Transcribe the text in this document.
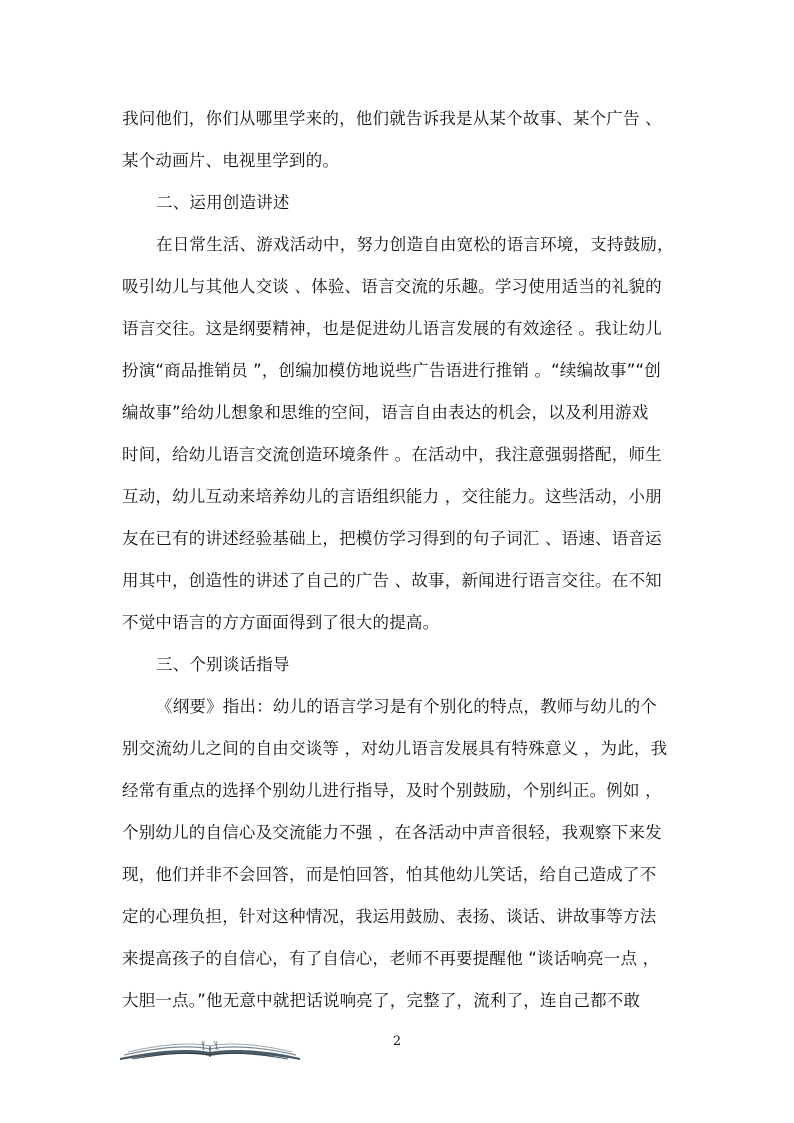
我问他们，你们从哪里学来的，他们就告诉我是从某个故事、某个广告 、
某个动画片、电视里学到的。
二、运用创造讲述
在日常生活、游戏活动中，努力创造自由宽松的语言环境，支持鼓励，
吸引幼儿与其他人交谈 、体验、语言交流的乐趣。学习使用适当的礼貌的
语言交往。这是纲要精神，也是促进幼儿语言发展的有效途径 。我让幼儿
扮演“商品推销员 ”，创编加模仿地说些广告语进行推销 。“续编故事”“创
编故事”给幼儿想象和思维的空间，语言自由表达的机会，以及利用游戏
时间，给幼儿语言交流创造环境条件 。在活动中，我注意强弱搭配，师生
互动，幼儿互动来培养幼儿的言语组织能力 ，交往能力。这些活动，小朋
友在已有的讲述经验基础上，把模仿学习得到的句子词汇 、语速、语音运
用其中，创造性的讲述了自己的广告 、故事，新闻进行语言交往。在不知
不觉中语言的方方面面得到了很大的提高。
三、个别谈话指导
《纲要》指出：幼儿的语言学习是有个别化的特点，教师与幼儿的个
别交流幼儿之间的自由交谈等 ，对幼儿语言发展具有特殊意义 ，为此，我
经常有重点的选择个别幼儿进行指导，及时个别鼓励，个别纠正。例如 ，
个别幼儿的自信心及交流能力不强 ，在各活动中声音很轻，我观察下来发
现，他们并非不会回答，而是怕回答，怕其他幼儿笑话，给自己造成了不
定的心理负担，针对这种情况，我运用鼓励、表扬、谈话、讲故事等方法
来提高孩子的自信心，有了自信心，老师不再要提醒他 “谈话响亮一点 ，
大胆一点。”他无意中就把话说响亮了，完整了，流利了，连自己都不敢
2
